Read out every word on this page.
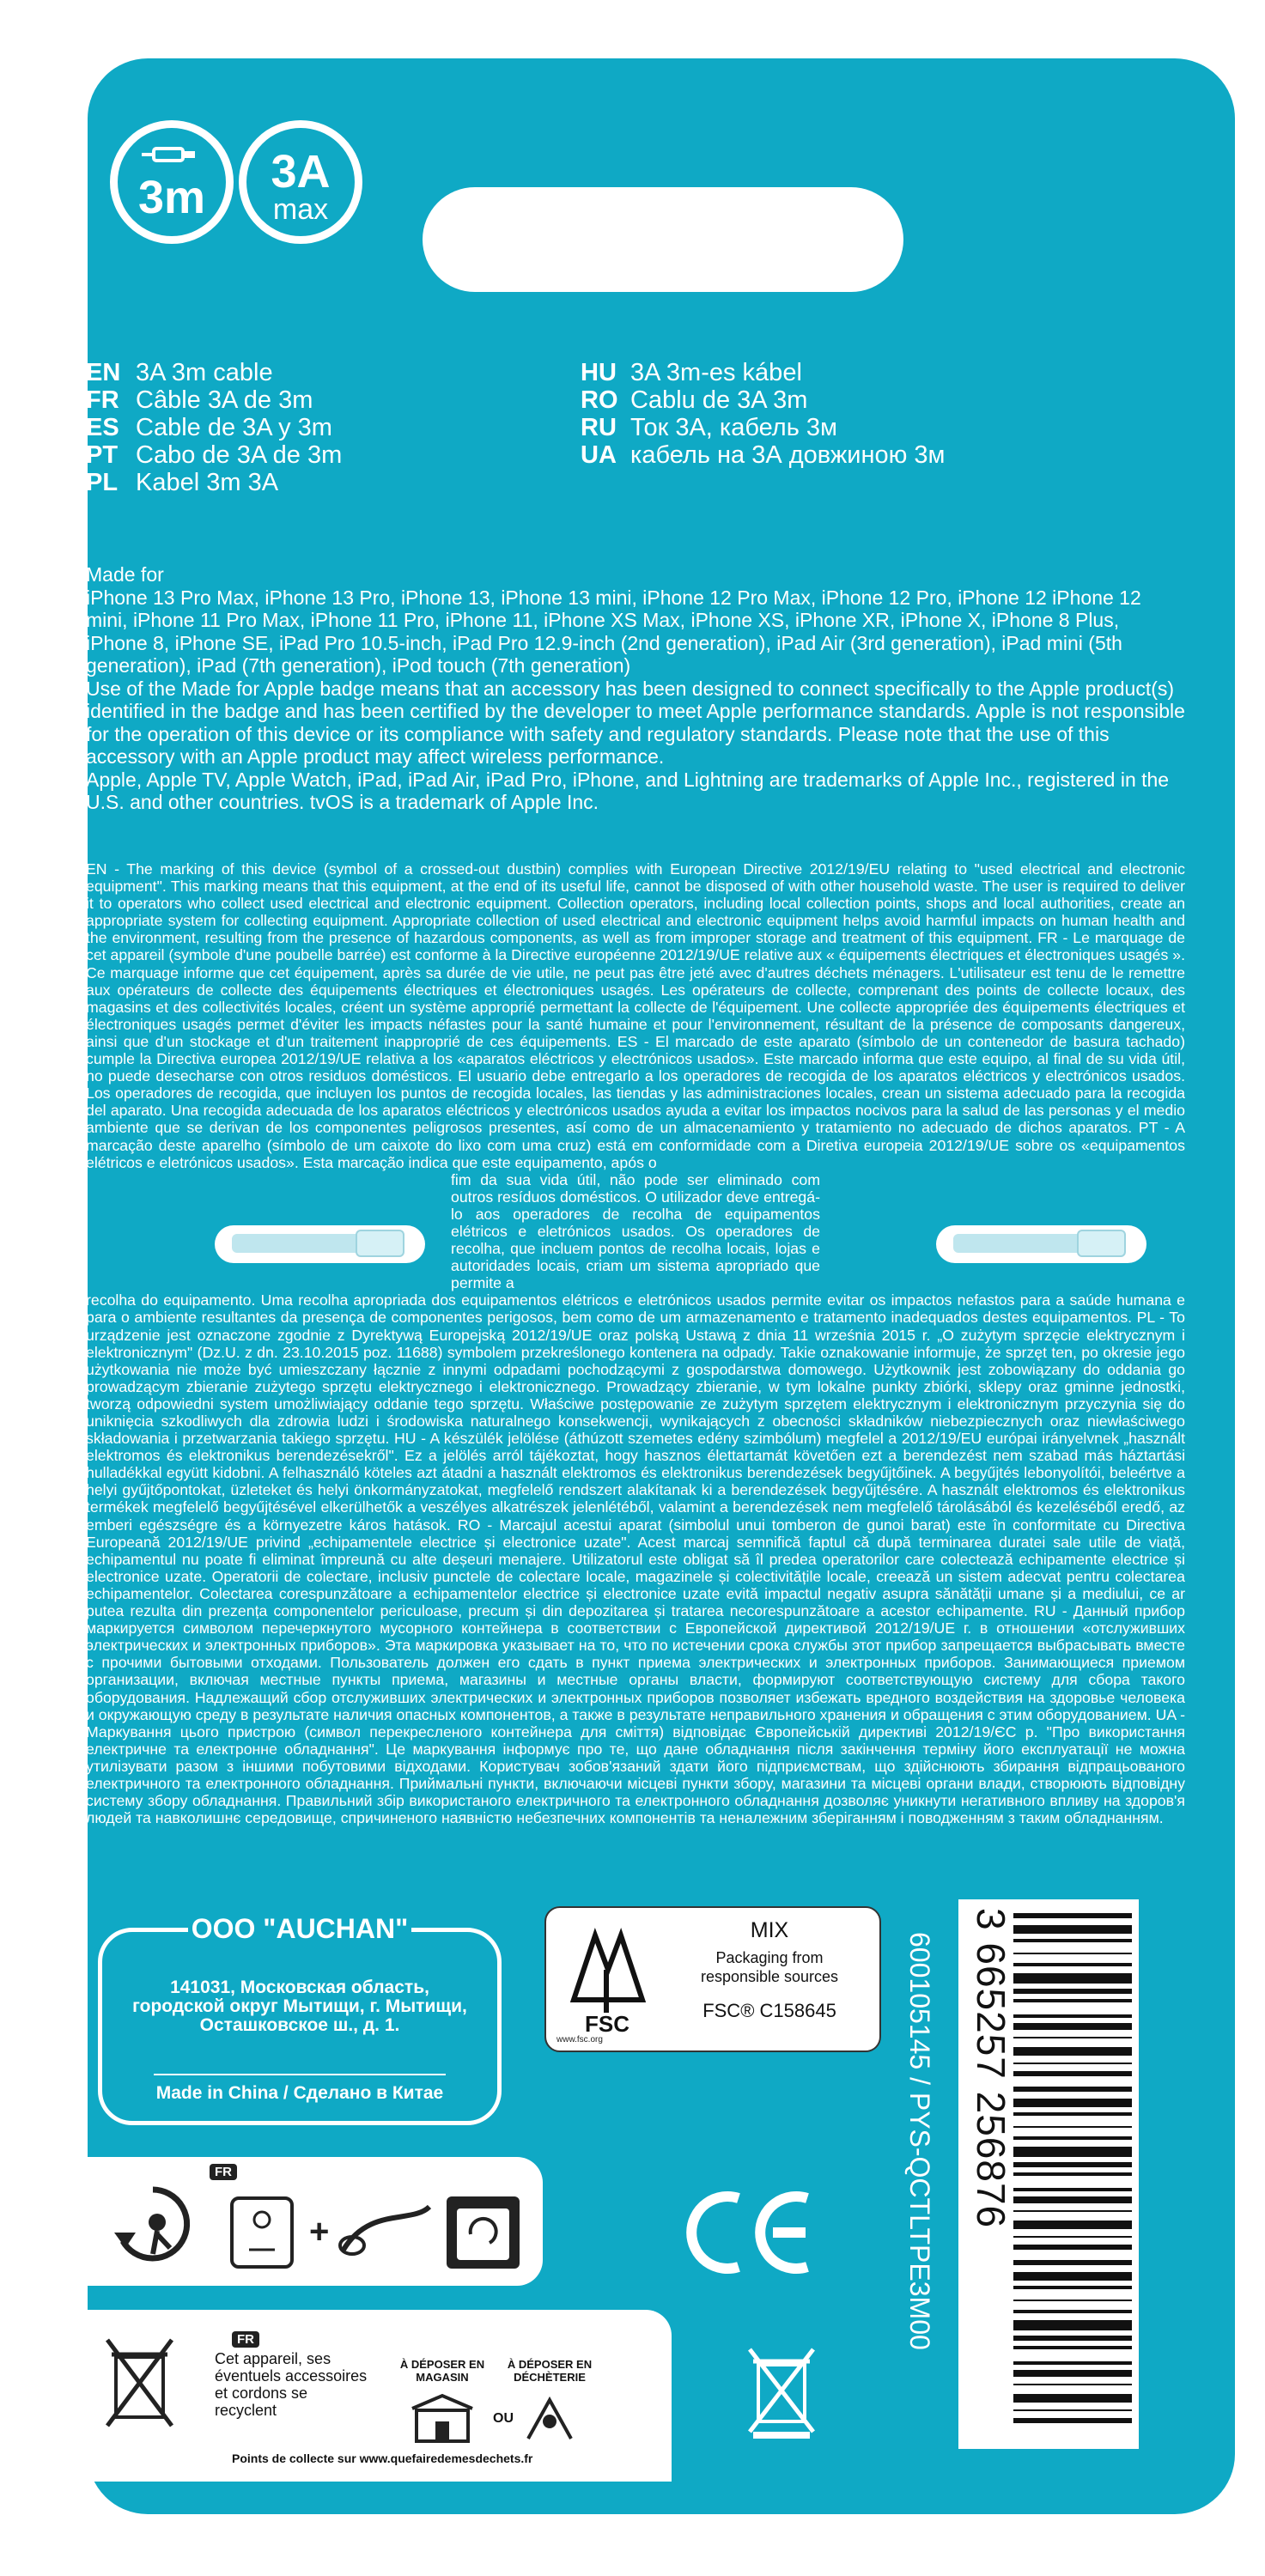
3m	3A
max
EN 3A 3m cable
FR Câble 3A de 3m
ES Cable de 3A y 3m
PT Cabo de 3A de 3m
PL Kabel 3m 3A
HU 3A 3m-es kábel
RO Cablu de 3A 3m
RU Ток 3А, кабель 3м
UA кабель на 3А довжиною 3м

Made for

iPhone 13 Pro Max, iPhone 13 Pro, iPhone 13, iPhone 13 mini, iPhone 12 Pro Max, iPhone 12 Pro, iPhone 12 iPhone 12 mini, iPhone 11 Pro Max, iPhone 11 Pro, iPhone 11, iPhone XS Max, iPhone XS, iPhone XR, iPhone X, iPhone 8 Plus, iPhone 8, iPhone SE, iPad Pro 10.5-inch, iPad Pro 12.9-inch (2nd generation), iPad Air (3rd generation), iPad mini (5th generation), iPad (7th generation), iPod touch (7th generation)

Use of the Made for Apple badge means that an accessory has been designed to connect specifically to the Apple product(s) identified in the badge and has been certified by the developer to meet Apple performance standards. Apple is not responsible for the operation of this device or its compliance with safety and regulatory standards. Please note that the use of this accessory with an Apple product may affect wireless performance.

Apple, Apple TV, Apple Watch, iPad, iPad Air, iPad Pro, iPhone, and Lightning are trademarks of Apple Inc., registered in the U.S. and other countries. tvOS is a trademark of Apple Inc.

EN - The marking of this device (symbol of a crossed-out dustbin) complies with European Directive 2012/19/EU relating to "used electrical and electronic equipment". This marking means that this equipment, at the end of its useful life, cannot be disposed of with other household waste. The user is required to deliver it to operators who collect used electrical and electronic equipment. Collection operators, including local collection points, shops and local authorities, create an appropriate system for collecting equipment. Appropriate collection of used electrical and electronic equipment helps avoid harmful impacts on human health and the environment, resulting from the presence of hazardous components, as well as from improper storage and treatment of this equipment. FR - Le marquage de cet appareil (symbole d'une poubelle barrée) est conforme à la Directive européenne 2012/19/UE relative aux « équipements électriques et électroniques usagés ». Ce marquage informe que cet équipement, après sa durée de vie utile, ne peut pas être jeté avec d'autres déchets ménagers. L'utilisateur est tenu de le remettre aux opérateurs de collecte des équipements électriques et électroniques usagés. Les opérateurs de collecte, comprenant des points de collecte locaux, des magasins et des collectivités locales, créent un système approprié permettant la collecte de l'équipement. Une collecte appropriée des équipements électriques et électroniques usagés permet d'éviter les impacts néfastes pour la santé humaine et pour l'environnement, résultant de la présence de composants dangereux, ainsi que d'un stockage et d'un traitement inapproprié de ces équipements. ES - El marcado de este aparato (símbolo de un contenedor de basura tachado) cumple la Directiva europea 2012/19/UE relativa a los «aparatos eléctricos y electrónicos usados». Este marcado informa que este equipo, al final de su vida útil, no puede desecharse con otros residuos domésticos. El usuario debe entregarlo a los operadores de recogida de los aparatos eléctricos y electrónicos usados. Los operadores de recogida, que incluyen los puntos de recogida locales, las tiendas y las administraciones locales, crean un sistema adecuado para la recogida del aparato. Una recogida adecuada de los aparatos eléctricos y electrónicos usados ayuda a evitar los impactos nocivos para la salud de las personas y el medio ambiente que se derivan de los componentes peligrosos presentes, así como de un almacenamiento y tratamiento no adecuado de dichos aparatos. PT - A marcação deste aparelho (símbolo de um caixote do lixo com uma cruz) está em conformidade com a Diretiva europeia 2012/19/UE sobre os «equipamentos elétricos e eletrónicos usados». Esta marcação indica que este equipamento, após o

fim da sua vida útil, não pode ser eliminado com outros resíduos domésticos. O utilizador deve entregá-lo aos operadores de recolha de equipamentos elétricos e eletrónicos usados. Os operadores de recolha, que incluem pontos de recolha locais, lojas e autoridades locais, criam um sistema apropriado que permite a

recolha do equipamento. Uma recolha apropriada dos equipamentos elétricos e eletrónicos usados permite evitar os impactos nefastos para a saúde humana e para o ambiente resultantes da presença de componentes perigosos, bem como de um armazenamento e tratamento inadequados destes equipamentos. PL - To urządzenie jest oznaczone zgodnie z Dyrektywą Europejską 2012/19/UE oraz polską Ustawą z dnia 11 września 2015 r. „O zużytym sprzęcie elektrycznym i elektronicznym" (Dz.U. z dn. 23.10.2015 poz. 11688) symbolem przekreślonego kontenera na odpady. Takie oznakowanie informuje, że sprzęt ten, po okresie jego użytkowania nie może być umieszczany łącznie z innymi odpadami pochodzącymi z gospodarstwa domowego. Użytkownik jest zobowiązany do oddania go prowadzącym zbieranie zużytego sprzętu elektrycznego i elektronicznego. Prowadzący zbieranie, w tym lokalne punkty zbiórki, sklepy oraz gminne jednostki, tworzą odpowiedni system umożliwiający oddanie tego sprzętu. Właściwe postępowanie ze zużytym sprzętem elektrycznym i elektronicznym przyczynia się do uniknięcia szkodliwych dla zdrowia ludzi i środowiska naturalnego konsekwencji, wynikających z obecności składników niebezpiecznych oraz niewłaściwego składowania i przetwarzania takiego sprzętu. HU - A készülék jelölése (áthúzott szemetes edény szimbólum) megfelel a 2012/19/EU európai irányelvnek „használt elektromos és elektronikus berendezésekről". Ez a jelölés arról tájékoztat, hogy hasznos élettartamát követően ezt a berendezést nem szabad más háztartási hulladékkal együtt kidobni. A felhasználó köteles azt átadni a használt elektromos és elektronikus berendezések begyűjtőinek. A begyűjtés lebonyolítói, beleértve a helyi gyűjtőpontokat, üzleteket és helyi önkormányzatokat, megfelelő rendszert alakítanak ki a berendezések begyűjtésére. A használt elektromos és elektronikus termékek megfelelő begyűjtésével elkerülhetők a veszélyes alkatrészek jelenlétéből, valamint a berendezések nem megfelelő tárolásából és kezeléséből eredő, az emberi egészségre és a környezetre káros hatások. RO - Marcajul acestui aparat (simbolul unui tomberon de gunoi barat) este în conformitate cu Directiva Europeană 2012/19/UE privind „echipamentele electrice și electronice uzate". Acest marcaj semnifică faptul că după terminarea duratei sale utile de viață, echipamentul nu poate fi eliminat împreună cu alte deșeuri menajere. Utilizatorul este obligat să îl predea operatorilor care colectează echipamente electrice și electronice uzate. Operatorii de colectare, inclusiv punctele de colectare locale, magazinele și colectivitățile locale, creează un sistem adecvat pentru colectarea echipamentelor. Colectarea corespunzătoare a echipamentelor electrice și electronice uzate evită impactul negativ asupra sănătății umane și a mediului, ce ar putea rezulta din prezența componentelor periculoase, precum și din depozitarea și tratarea necorespunzătoare a acestor echipamente. RU - Данный прибор маркируется символом перечеркнутого мусорного контейнера в соответствии с Европейской директивой 2012/19/UE г. в отношении «отслуживших электрических и электронных приборов». Эта маркировка указывает на то, что по истечении срока службы этот прибор запрещается выбрасывать вместе с прочими бытовыми отходами. Пользователь должен его сдать в пункт приема электрических и электронных приборов. Занимающиеся приемом организации, включая местные пункты приема, магазины и местные органы власти, формируют соответствующую систему для сбора такого оборудования. Надлежащий сбор отслуживших электрических и электронных приборов позволяет избежать вредного воздействия на здоровье человека и окружающую среду в результате наличия опасных компонентов, а также в результате неправильного хранения и обращения с этим оборудованием. UA - Маркування цього пристрою (символ перекресленого контейнера для сміття) відповідає Європейській директиві 2012/19/ЄС р. "Про використання електричне та електронне обладнання". Це маркування інформує про те, що дане обладнання після закінчення терміну його експлуатації не можна утилізувати разом з іншими побутовими відходами. Користувач зобов'язаний здати його підприємствам, що здійснюють збирання відпрацьованого електричного та електронного обладнання. Приймальні пункти, включаючи місцеві пункти збору, магазини та місцеві органи влади, створюють відповідну систему збору обладнання. Правильний збір використаного електричного та електронного обладнання дозволяє уникнути негативного впливу на здоров'я людей та навколишнє середовище, спричиненого наявністю небезпечних компонентів та неналежним зберіганням і поводженням з таким обладнанням.

ООО "AUCHAN"
141031, Московская область,
городской округ Мытищи, г. Мытищи,
Осташковское ш., д. 1.
Made in China / Сделано в Китае
FSC
www.fsc.org
MIX
Packaging from
responsible sources
FSC® C158645	600105145 / PYS-QCTLTPE3M00 3 665257 256876
FR
+
FR
Cet appareil, ses éventuels accessoires et cordons se recyclent
À DÉPOSER EN MAGASIN
À DÉPOSER EN DÉCHÈTERIE
OU
Points de collecte sur www.quefairedemesdechets.fr
